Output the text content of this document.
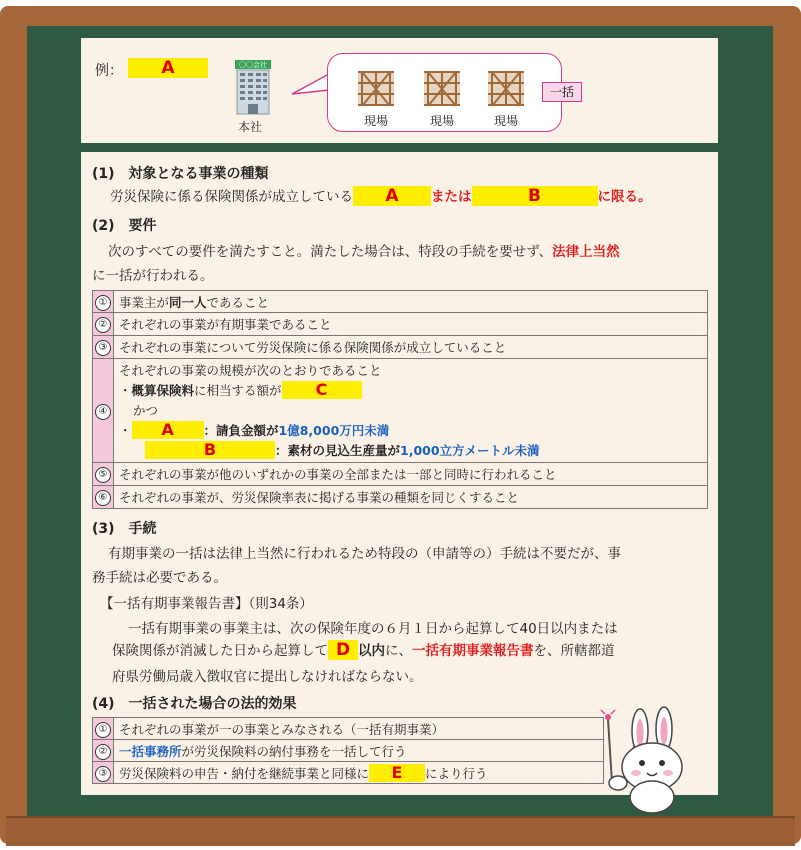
例：	A	〇〇会社
本社	現場	現場	現場
一括
(1)　対象となる事業の種類
労災保険に係る保険関係が成立している A または	B	に限る。
(2)　要件
次のすべての要件を満たすこと。満たした場合は、特段の手続を要せず、法律上当然
に一括が行われる。
①	事業主が同一人であること
②	それぞれの事業が有期事業であること
③	それぞれの事業について労災保険に係る保険関係が成立していること
④	それぞれの事業の規模が次のとおりであること
・概算保険料に相当する額が C
かつ
・ A ：請負金額が1億8,000万円未満
B ：素材の見込生産量が1,000立方メートル未満

⑤	それぞれの事業が他のいずれかの事業の全部または一部と同時に行われること
⑥	それぞれの事業が、労災保険率表に掲げる事業の種類を同じくすること
(3)　手続
有期事業の一括は法律上当然に行われるため特段の（申請等の）手続は不要だが、事
務手続は必要である。
【一括有期事業報告書】（則34条）
一括有期事業の事業主は、次の保険年度の６月１日から起算して40日以内または
保険関係が消滅した日から起算して D 以内に、一括有期事業報告書を、所轄都道
府県労働局歳入徴収官に提出しなければならない。
(4)　一括された場合の法的効果
①	それぞれの事業が一の事業とみなされる（一括有期事業）
②	一括事務所が労災保険料の納付事務を一括して行う
③	労災保険料の申告・納付を継続事業と同様に E により行う
